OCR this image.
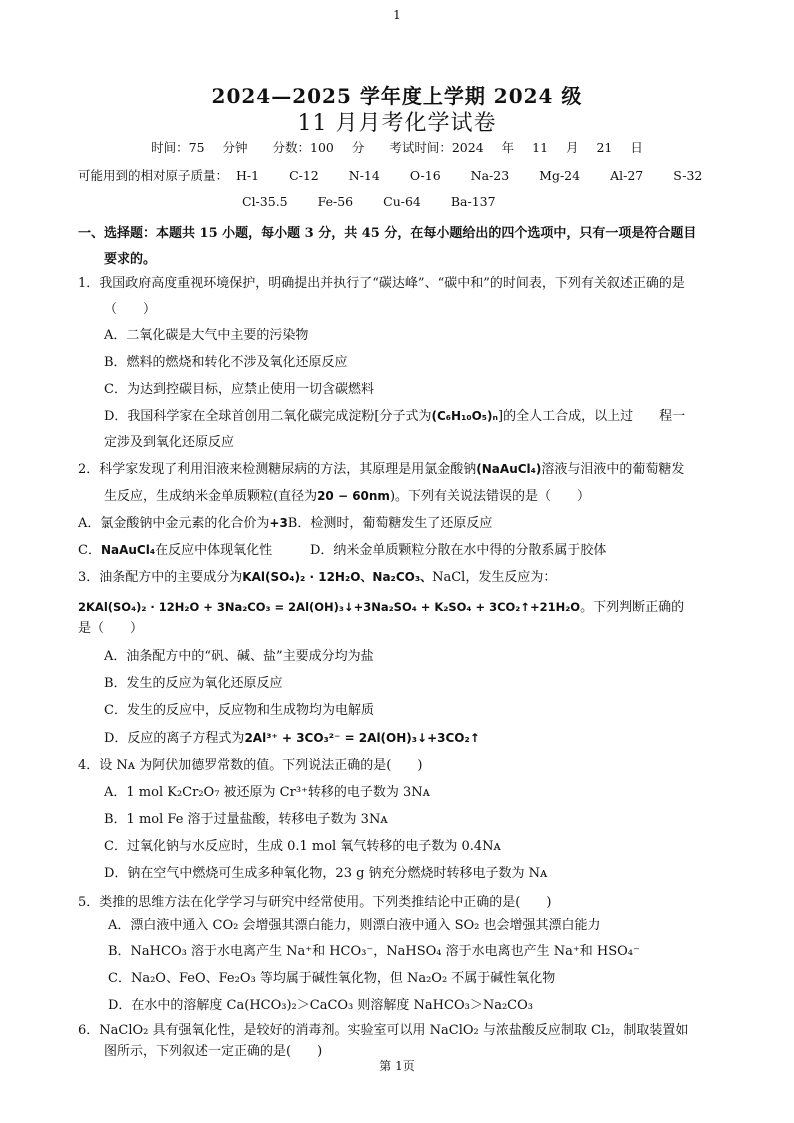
1
2024—2025 学年度上学期 2024 级
11 月月考化学试卷
时间：75 分钟　　分数：100 分　　考试时间：2024 年 11 月 21 日
可能用到的相对原子质量： H-1 C-12 N-14 O-16 Na-23 Mg-24 Al-27 S-32
Cl-35.5 Fe-56 Cu-64 Ba-137
一、选择题：本题共 15 小题，每小题 3 分，共 45 分，在每小题给出的四个选项中，只有一项是符合题目
要求的。
1．我国政府高度重视环境保护，明确提出并执行了“碳达峰”、“碳中和”的时间表，下列有关叙述正确的是
（　　）
A．二氧化碳是大气中主要的污染物
B．燃料的燃烧和转化不涉及氧化还原反应
C．为达到控碳目标，应禁止使用一切含碳燃料
D．我国科学家在全球首创用二氧化碳完成淀粉[分子式为(C₆H₁₀O₅)ₙ]的全人工合成，以上过　　程一
定涉及到氧化还原反应
2．科学家发现了利用泪液来检测糖尿病的方法，其原理是用氯金酸钠(NaAuCl₄)溶液与泪液中的葡萄糖发
生反应，生成纳米金单质颗粒(直径为20 − 60nm)。下列有关说法错误的是（　　）
A．氯金酸钠中金元素的化合价为+3B．检测时，葡萄糖发生了还原反应
C．NaAuCl₄在反应中体现氧化性	D．纳米金单质颗粒分散在水中得的分散系属于胶体
3．油条配方中的主要成分为KAl(SO₄)₂ · 12H₂O、Na₂CO₃、NaCl，发生反应为：
2KAl(SO₄)₂ · 12H₂O + 3Na₂CO₃ = 2Al(OH)₃↓+3Na₂SO₄ + K₂SO₄ + 3CO₂↑+21H₂O。下列判断正确的
是（　　）
A．油条配方中的“矾、碱、盐”主要成分均为盐
B．发生的反应为氧化还原反应
C．发生的反应中，反应物和生成物均为电解质
D．反应的离子方程式为2Al³⁺ + 3CO₃²⁻ = 2Al(OH)₃↓+3CO₂↑
4．设 Nᴀ 为阿伏加德罗常数的值。下列说法正确的是(　　)
A．1 mol K₂Cr₂O₇ 被还原为 Cr³⁺转移的电子数为 3Nᴀ
B．1 mol Fe 溶于过量盐酸，转移电子数为 3Nᴀ
C．过氧化钠与水反应时，生成 0.1 mol 氧气转移的电子数为 0.4Nᴀ
D．钠在空气中燃烧可生成多种氧化物，23 g 钠充分燃烧时转移电子数为 Nᴀ
5．类推的思维方法在化学学习与研究中经常使用。下列类推结论中正确的是(　　)
A．漂白液中通入 CO₂ 会增强其漂白能力，则漂白液中通入 SO₂ 也会增强其漂白能力
B．NaHCO₃ 溶于水电离产生 Na⁺和 HCO₃⁻，NaHSO₄ 溶于水电离也产生 Na⁺和 HSO₄⁻
C．Na₂O、FeO、Fe₂O₃ 等均属于碱性氧化物，但 Na₂O₂ 不属于碱性氧化物
D．在水中的溶解度 Ca(HCO₃)₂＞CaCO₃ 则溶解度 NaHCO₃＞Na₂CO₃
6．NaClO₂ 具有强氧化性，是较好的消毒剂。实验室可以用 NaClO₂ 与浓盐酸反应制取 Cl₂，制取装置如
图所示，下列叙述一定正确的是(　　)
第 1页
